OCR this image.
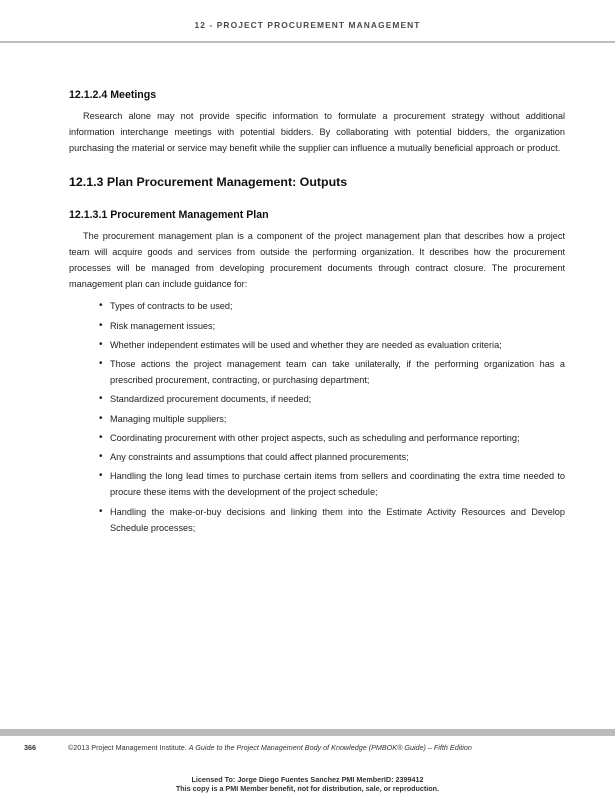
12 - PROJECT PROCUREMENT MANAGEMENT
12.1.2.4 Meetings

Research alone may not provide specific information to formulate a procurement strategy without additional information interchange meetings with potential bidders. By collaborating with potential bidders, the organization purchasing the material or service may benefit while the supplier can influence a mutually beneficial approach or product.

12.1.3 Plan Procurement Management: Outputs
12.1.3.1 Procurement Management Plan

The procurement management plan is a component of the project management plan that describes how a project team will acquire goods and services from outside the performing organization. It describes how the procurement processes will be managed from developing procurement documents through contract closure. The procurement management plan can include guidance for:

• Types of contracts to be used;
• Risk management issues;
• Whether independent estimates will be used and whether they are needed as evaluation criteria;
• Those actions the project management team can take unilaterally, if the performing organization has a prescribed procurement, contracting, or purchasing department;
• Standardized procurement documents, if needed;
• Managing multiple suppliers;
• Coordinating procurement with other project aspects, such as scheduling and performance reporting;
• Any constraints and assumptions that could affect planned procurements;
• Handling the long lead times to purchase certain items from sellers and coordinating the extra time needed to procure these items with the development of the project schedule;
• Handling the make-or-buy decisions and linking them into the Estimate Activity Resources and Develop Schedule processes;
366	©2013 Project Management Institute. A Guide to the Project Management Body of Knowledge (PMBOK® Guide) – Fifth Edition
Licensed To: Jorge Diego Fuentes Sanchez PMI MemberID: 2399412
This copy is a PMI Member benefit, not for distribution, sale, or reproduction.
